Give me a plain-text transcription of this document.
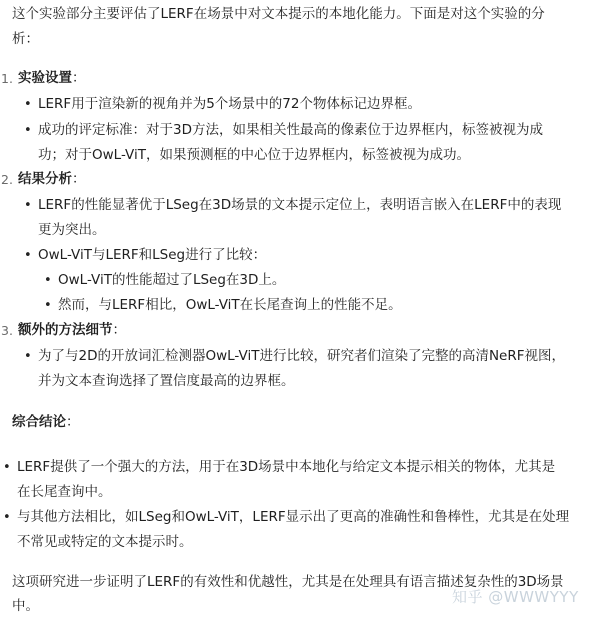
这个实验部分主要评估了LERF在场景中对文本提示的本地化能力。下面是对这个实验的分
析：
1. 实验设置：
• LERF用于渲染新的视角并为5个场景中的72个物体标记边界框。
• 成功的评定标准：对于3D方法，如果相关性最高的像素位于边界框内，标签被视为成
功；对于OwL-ViT，如果预测框的中心位于边界框内，标签被视为成功。
2. 结果分析：
• LERF的性能显著优于LSeg在3D场景的文本提示定位上，表明语言嵌入在LERF中的表现
更为突出。
• OwL-ViT与LERF和LSeg进行了比较：
• OwL-ViT的性能超过了LSeg在3D上。
• 然而，与LERF相比，OwL-ViT在长尾查询上的性能不足。
3. 额外的方法细节：
• 为了与2D的开放词汇检测器OwL-ViT进行比较，研究者们渲染了完整的高清NeRF视图，
并为文本查询选择了置信度最高的边界框。
综合结论：
• LERF提供了一个强大的方法，用于在3D场景中本地化与给定文本提示相关的物体，尤其是
在长尾查询中。
• 与其他方法相比，如LSeg和OwL-ViT，LERF显示出了更高的准确性和鲁棒性，尤其是在处理
不常见或特定的文本提示时。
这项研究进一步证明了LERF的有效性和优越性，尤其是在处理具有语言描述复杂性的3D场景
中。	知乎 @WWWYYY
